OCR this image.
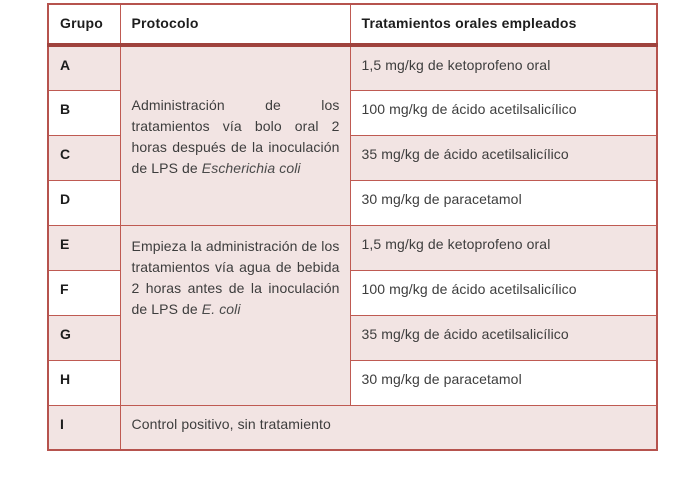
Grupo	Protocolo	Tratamientos orales empleados
A	Administración de los tratamientos vía bolo oral 2 horas después de la inoculación de LPS de Escherichia coli	1,5 mg/kg de ketoprofeno oral
B		100 mg/kg de ácido acetilsalicílico
C		35 mg/kg de ácido acetilsalicílico
D		30 mg/kg de paracetamol
E	Empieza la administración de los tratamientos vía agua de bebida 2 horas antes de la inoculación de LPS de E. coli	1,5 mg/kg de ketoprofeno oral
F		100 mg/kg de ácido acetilsalicílico
G		35 mg/kg de ácido acetilsalicílico
H		30 mg/kg de paracetamol
I	Control positivo, sin tratamiento	
